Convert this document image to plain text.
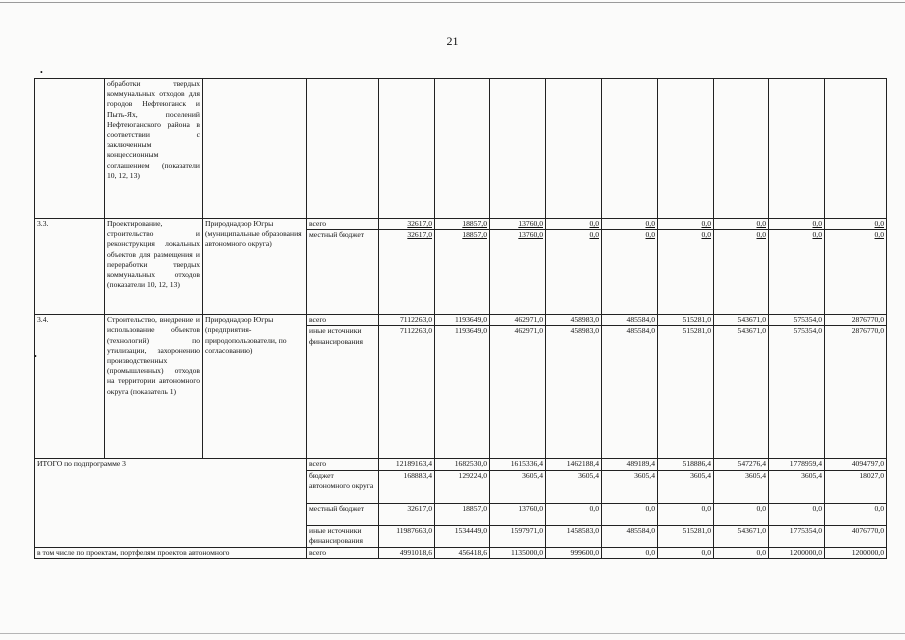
21
•
•
	обработки твердых коммунальных отходов для городов Нефтеюганск и Пыть-Ях, поселений Нефтеюганского района в соответствии с заключенным концессионным соглашением (показатели 10, 12, 13)											
3.3.	Проектирование, строительство и реконструкция локальных объектов для размещения и переработки твердых коммунальных отходов (показатели 10, 12, 13)	Природнадзор Югры (муниципальные образования автономного округа)	всего	32617,0	18857,0	13760,0	0,0	0,0	0,0	0,0	0,0	0,0
			местный бюджет	32617,0	18857,0	13760,0	0,0	0,0	0,0	0,0	0,0	0,0
3.4.	Строительство, внедрение и использование объектов (технологий) по утилизации, захоронению производственных (промышленных) отходов на территории автономного округа (показатель 1)	Природнадзор Югры (предприятия-природопользователи, по согласованию)	всего	7112263,0	1193649,0	462971,0	458983,0	485584,0	515281,0	543671,0	575354,0	2876770,0
			иные источники финансирования	7112263,0	1193649,0	462971,0	458983,0	485584,0	515281,0	543671,0	575354,0	2876770,0
ИТОГО по подпрограмме 3			всего	12189163,4	1682530,0	1615336,4	1462188,4	489189,4	518886,4	547276,4	1778959,4	4094797,0
			бюджет автономного округа	168883,4	129224,0	3605,4	3605,4	3605,4	3605,4	3605,4	3605,4	18027,0
			местный бюджет	32617,0	18857,0	13760,0	0,0	0,0	0,0	0,0	0,0	0,0
			иные источники финансирования	11987663,0	1534449,0	1597971,0	1458583,0	485584,0	515281,0	543671,0	1775354,0	4076770,0
в том числе по проектам, портфелям проектов автономного			всего	4991018,6	456418,6	1135000,0	999600,0	0,0	0,0	0,0	1200000,0	1200000,0
